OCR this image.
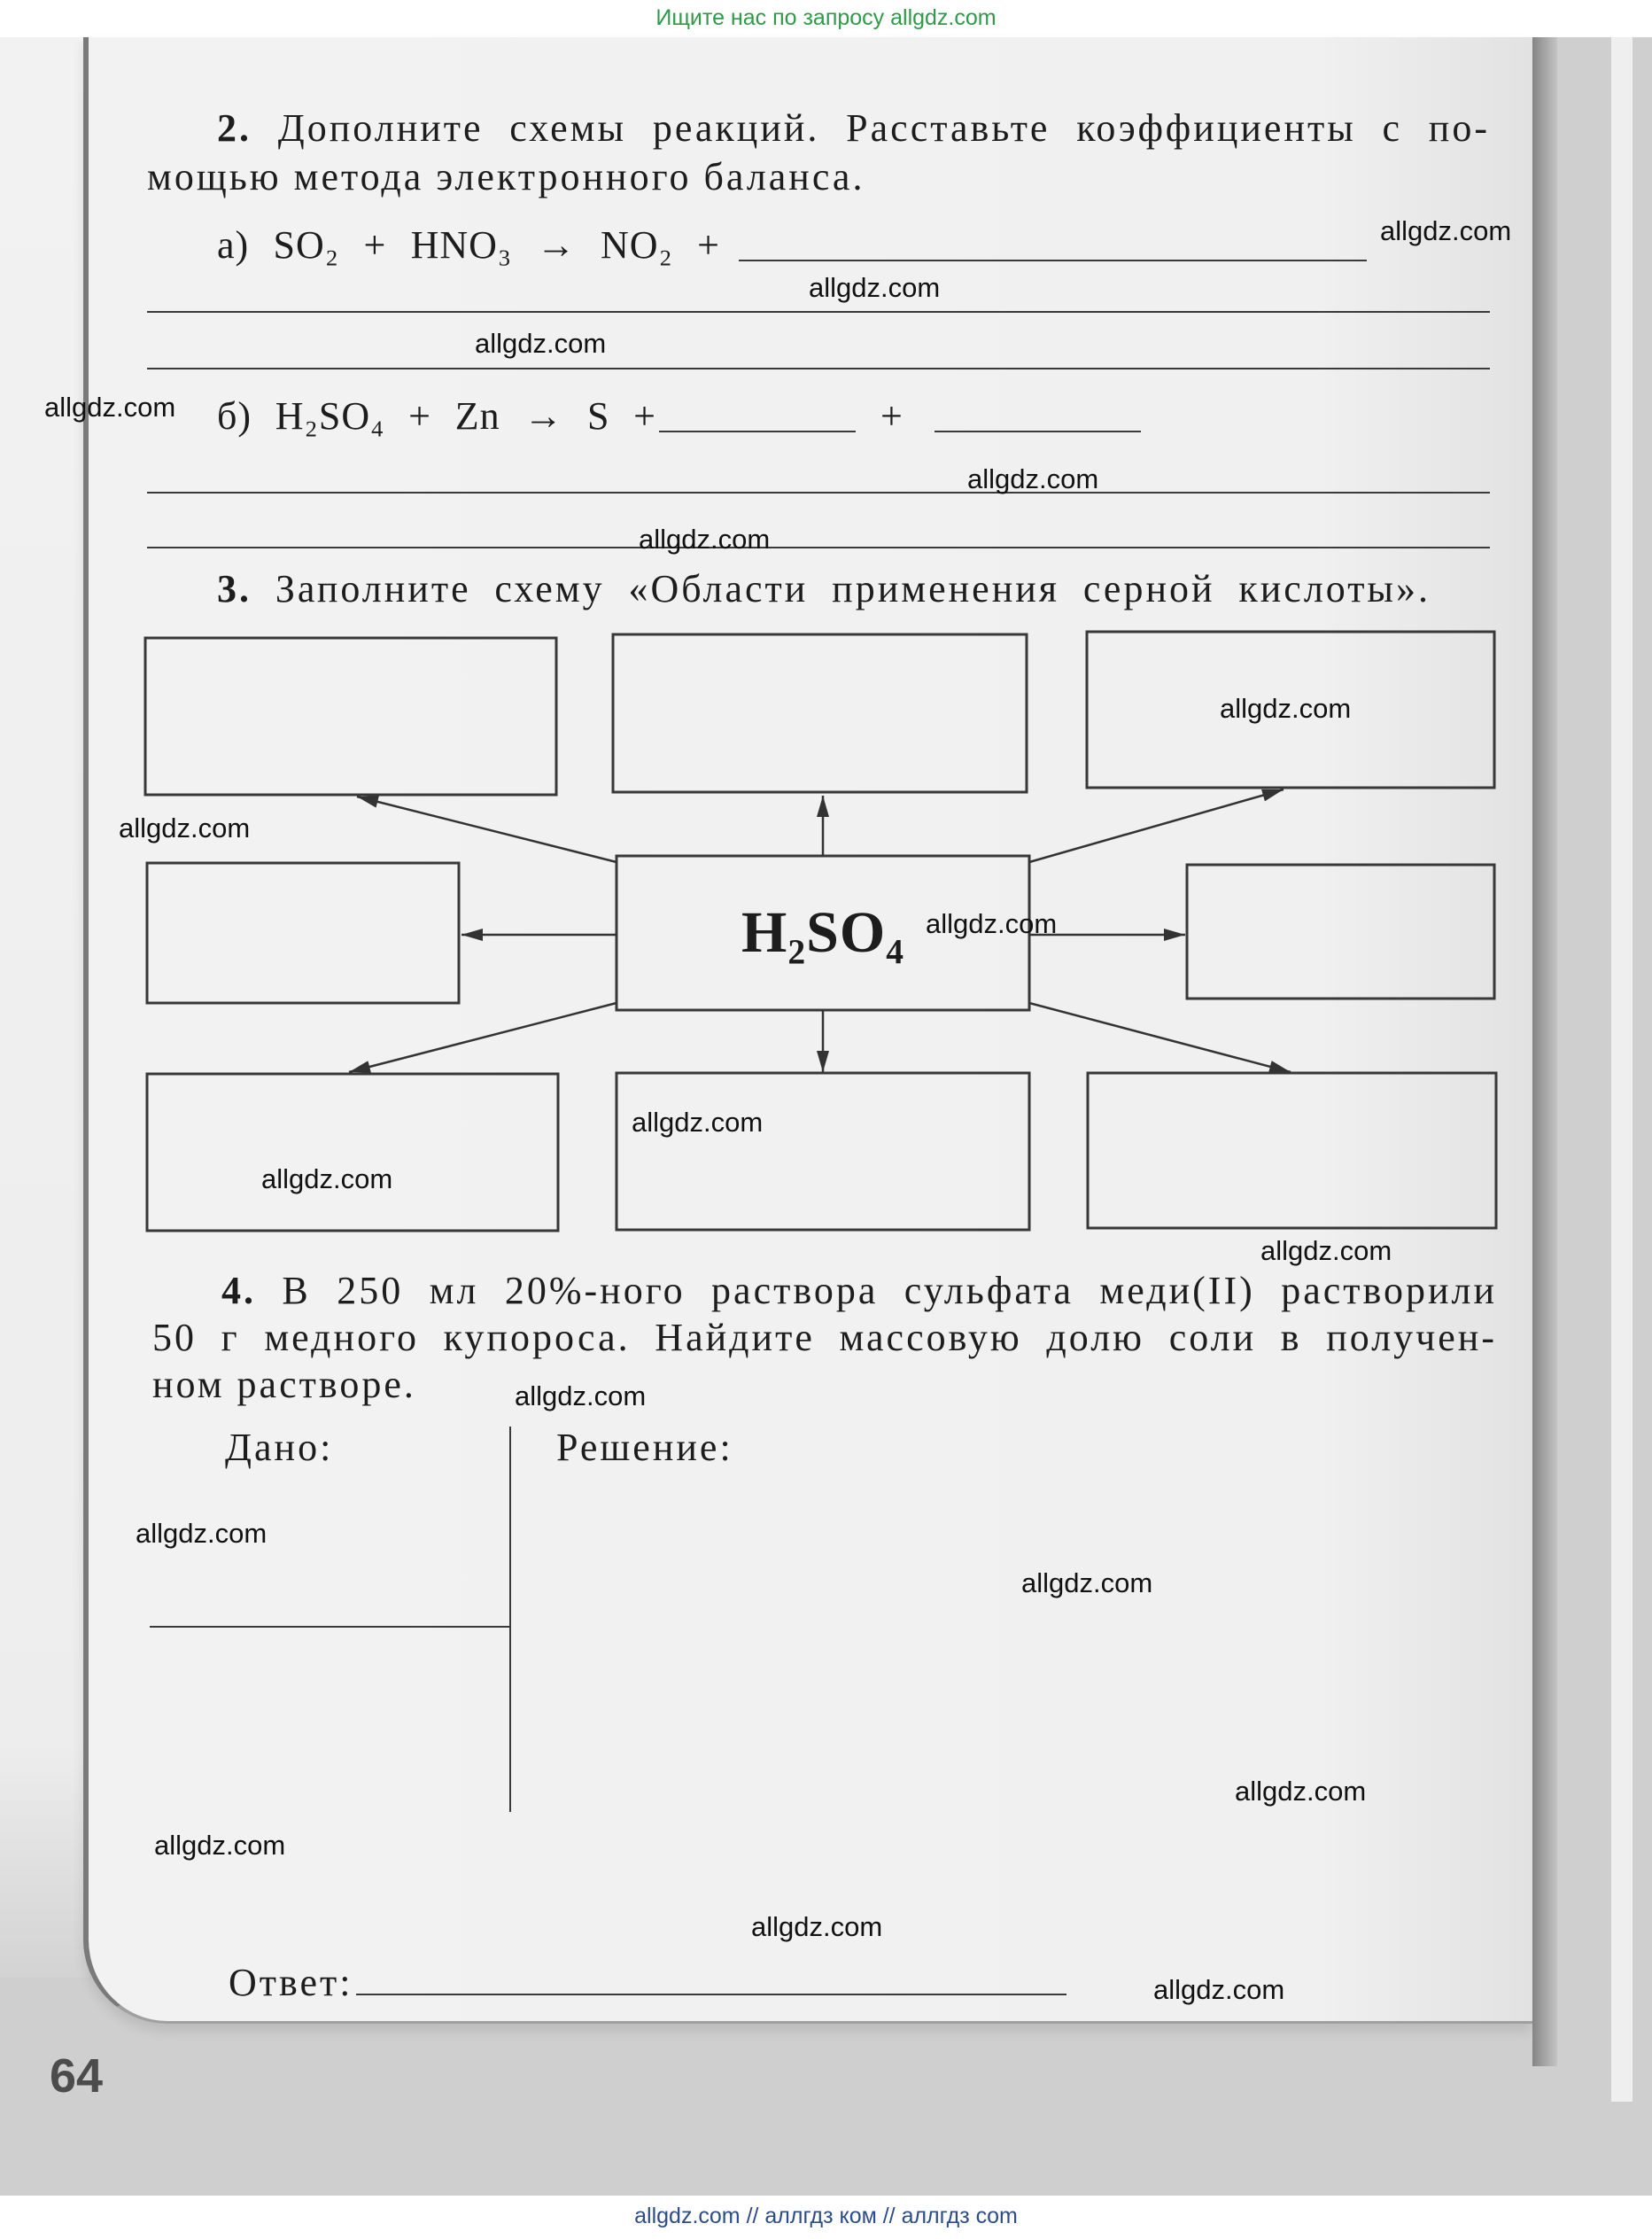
Ищите нас по запросу allgdz.com
2. Дополните схемы реакций. Расставьте коэффициенты с по-
мощью метода электронного баланса.
а) SO₂ + HNO₃ → NO₂ +
б) H₂SO₄ + Zn → S +	+
3. Заполните схему «Области применения серной кислоты».
H₂SO₄
4. В 250 мл 20%-ного раствора сульфата меди(II) растворили
50 г медного купороса. Найдите массовую долю соли в получен-
ном растворе.
Дано:	Решение:
Ответ:
64
allgdz.com
allgdz.com
allgdz.com
allgdz.com
allgdz.com
allgdz.com
allgdz.com
allgdz.com
allgdz.com
allgdz.com
allgdz.com
allgdz.com
allgdz.com
allgdz.com
allgdz.com
allgdz.com
allgdz.com
allgdz.com
allgdz.com
allgdz.com // аллгдз ком // аллгдз com
